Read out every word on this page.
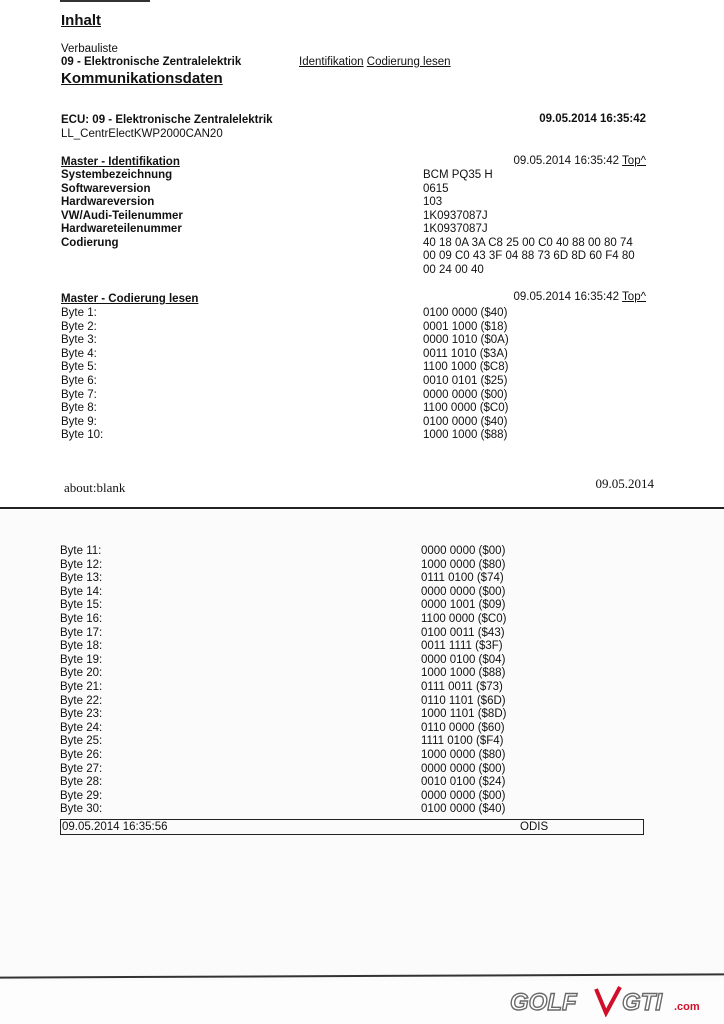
Inhalt
Verbauliste
09 - Elektronische Zentralelektrik	Identifikation Codierung lesen
Kommunikationsdaten
ECU: 09 - Elektronische Zentralelektrik	09.05.2014 16:35:42
LL_CentrElectKWP2000CAN20
Master - Identifikation	09.05.2014 16:35:42 Top^
Systembezeichnung	BCM PQ35 H
Softwareversion	0615
Hardwareversion	103
VW/Audi-Teilenummer	1K0937087J
Hardwareteilenummer	1K0937087J
Codierung	40 18 0A 3A C8 25 00 C0 40 88 00 80 74
00 09 C0 43 3F 04 88 73 6D 8D 60 F4 80
00 24 00 40
Master - Codierung lesen	09.05.2014 16:35:42 Top^
Byte 1:	0100 0000 ($40)
Byte 2:	0001 1000 ($18)
Byte 3:	0000 1010 ($0A)
Byte 4:	0011 1010 ($3A)
Byte 5:	1100 1000 ($C8)
Byte 6:	0010 0101 ($25)
Byte 7:	0000 0000 ($00)
Byte 8:	1100 0000 ($C0)
Byte 9:	0100 0000 ($40)
Byte 10:	1000 1000 ($88)
about:blank	09.05.2014
Byte 11:	0000 0000 ($00)
Byte 12:	1000 0000 ($80)
Byte 13:	0111 0100 ($74)
Byte 14:	0000 0000 ($00)
Byte 15:	0000 1001 ($09)
Byte 16:	1100 0000 ($C0)
Byte 17:	0100 0011 ($43)
Byte 18:	0011 1111 ($3F)
Byte 19:	0000 0100 ($04)
Byte 20:	1000 1000 ($88)
Byte 21:	0111 0011 ($73)
Byte 22:	0110 1101 ($6D)
Byte 23:	1000 1101 ($8D)
Byte 24:	0110 0000 ($60)
Byte 25:	1111 0100 ($F4)
Byte 26:	1000 0000 ($80)
Byte 27:	0000 0000 ($00)
Byte 28:	0010 0100 ($24)
Byte 29:	0000 0000 ($00)
Byte 30:	0100 0000 ($40)
09.05.2014 16:35:56	ODIS
GOLF GTI .com
